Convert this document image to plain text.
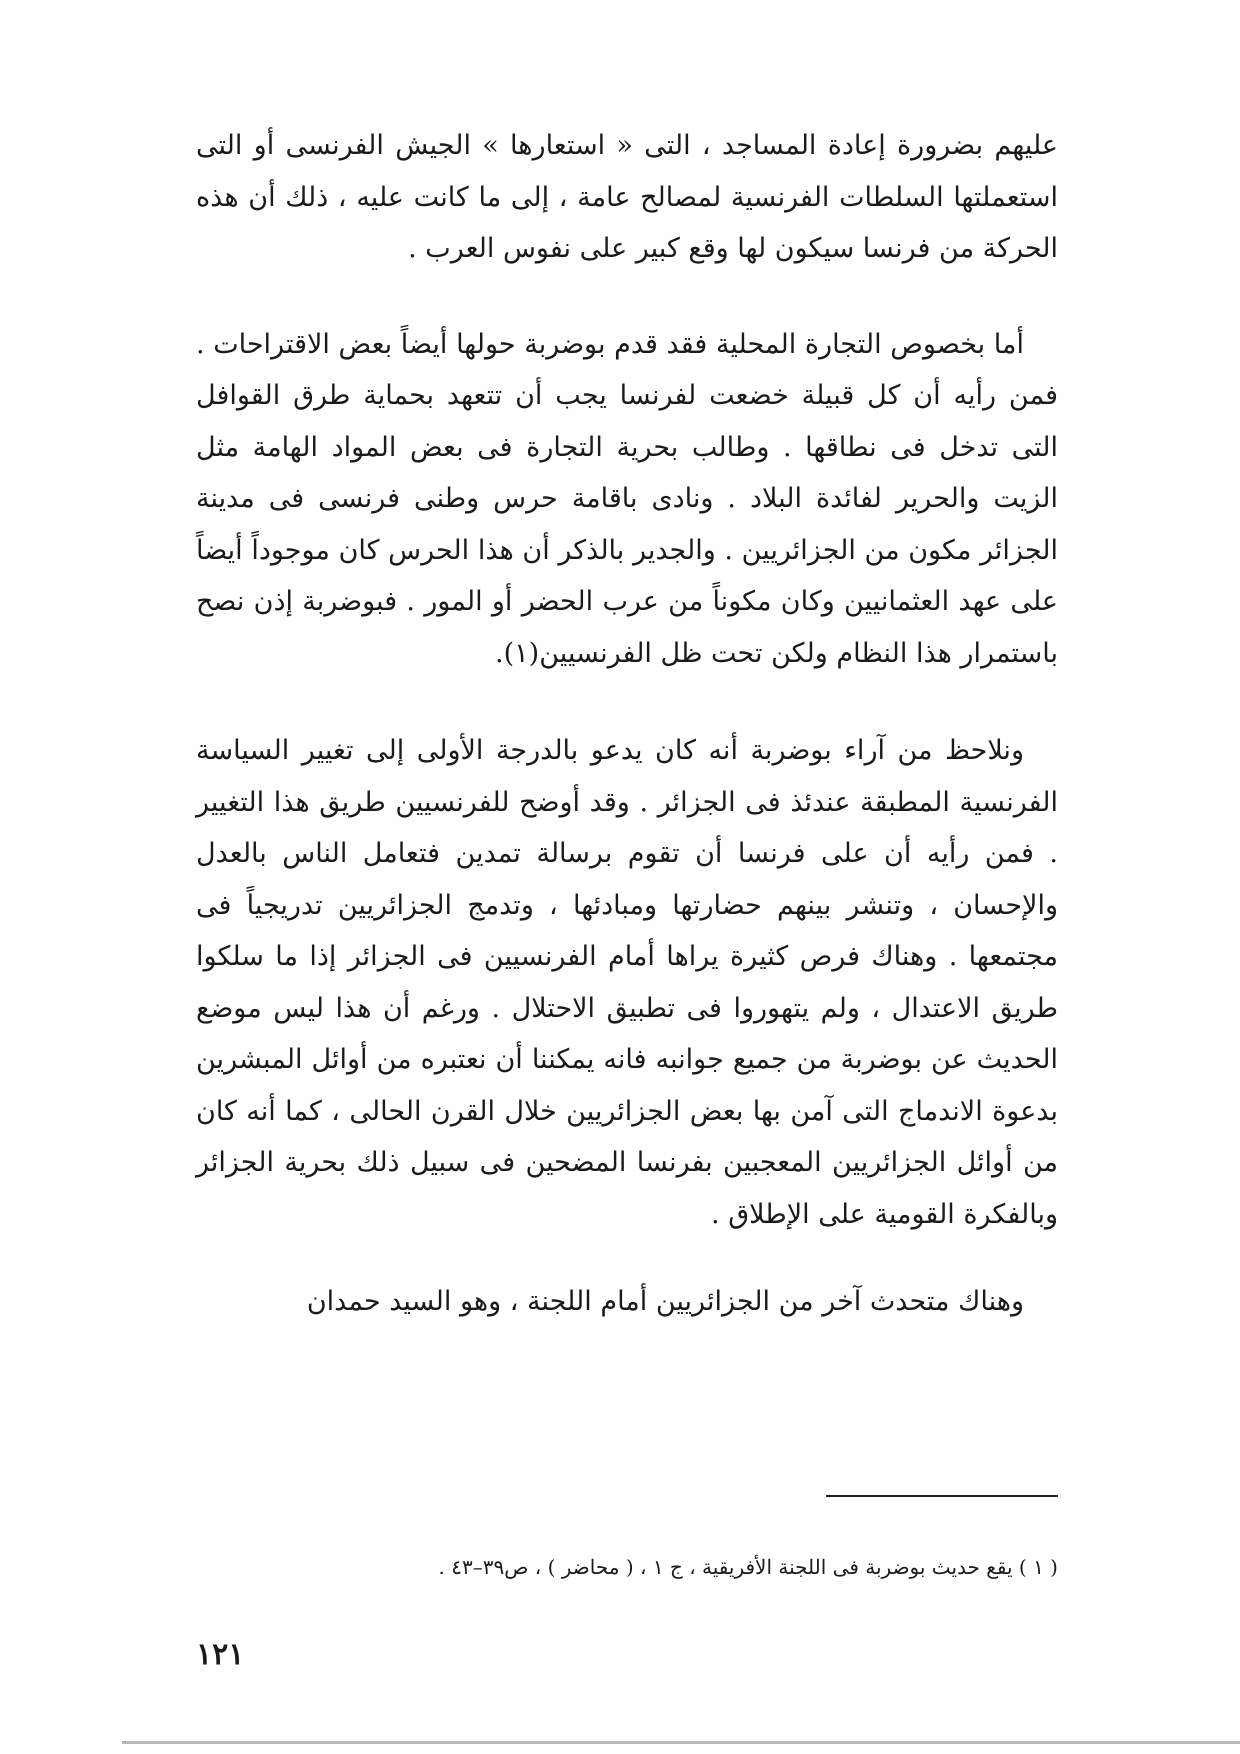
عليهم بضرورة إعادة المساجد ، التى « استعارها » الجيش الفرنسى أو التى استعملتها السلطات الفرنسية لمصالح عامة ، إلى ما كانت عليه ، ذلك أن هذه الحركة من فرنسا سيكون لها وقع كبير على نفوس العرب .

أما بخصوص التجارة المحلية فقد قدم بوضربة حولها أيضاً بعض الاقتراحات . فمن رأيه أن كل قبيلة خضعت لفرنسا يجب أن تتعهد بحماية طرق القوافل التى تدخل فى نطاقها . وطالب بحرية التجارة فى بعض المواد الهامة مثل الزيت والحرير لفائدة البلاد . ونادى باقامة حرس وطنى فرنسى فى مدينة الجزائر مكون من الجزائريين . والجدير بالذكر أن هذا الحرس كان موجوداً أيضاً على عهد العثمانيين وكان مكوناً من عرب الحضر أو المور . فبوضربة إذن نصح باستمرار هذا النظام ولكن تحت ظل الفرنسيين(١).

ونلاحظ من آراء بوضربة أنه كان يدعو بالدرجة الأولى إلى تغيير السياسة الفرنسية المطبقة عندئذ فى الجزائر . وقد أوضح للفرنسيين طريق هذا التغيير . فمن رأيه أن على فرنسا أن تقوم برسالة تمدين فتعامل الناس بالعدل والإحسان ، وتنشر بينهم حضارتها ومبادئها ، وتدمج الجزائريين تدريجياً فى مجتمعها . وهناك فرص كثيرة يراها أمام الفرنسيين فى الجزائر إذا ما سلكوا طريق الاعتدال ، ولم يتهوروا فى تطبيق الاحتلال . ورغم أن هذا ليس موضع الحديث عن بوضربة من جميع جوانبه فانه يمكننا أن نعتبره من أوائل المبشرين بدعوة الاندماج التى آمن بها بعض الجزائريين خلال القرن الحالى ، كما أنه كان من أوائل الجزائريين المعجبين بفرنسا المضحين فى سبيل ذلك بحرية الجزائر وبالفكرة القومية على الإطلاق .

وهناك متحدث آخر من الجزائريين أمام اللجنة ، وهو السيد حمدان

( ١ ) يقع حديث بوضربة فى اللجنة الأفريقية ، ج ١ ، ( محاضر ) ، ص٣٩–٤٣ .
١٢١
